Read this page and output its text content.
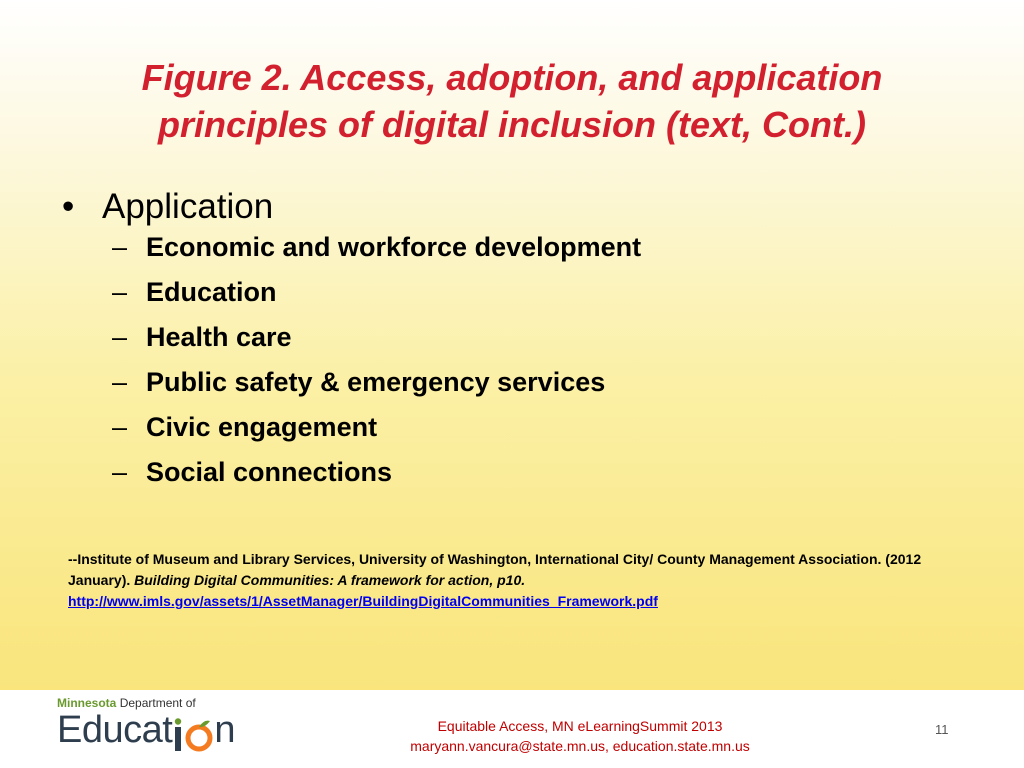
Figure 2. Access, adoption, and application principles of digital inclusion (text, Cont.)
• Application
– Economic and workforce development
– Education
– Health care
– Public safety & emergency services
– Civic engagement
– Social connections
--Institute of Museum and Library Services, University of Washington, International City/ County Management Association. (2012 January). Building Digital Communities: A framework for action, p10.
http://www.imls.gov/assets/1/AssetManager/BuildingDigitalCommunities_Framework.pdf
Minnesota Department of
Educat n	Equitable Access, MN eLearningSummit 2013
maryann.vancura@state.mn.us, education.state.mn.us
11
